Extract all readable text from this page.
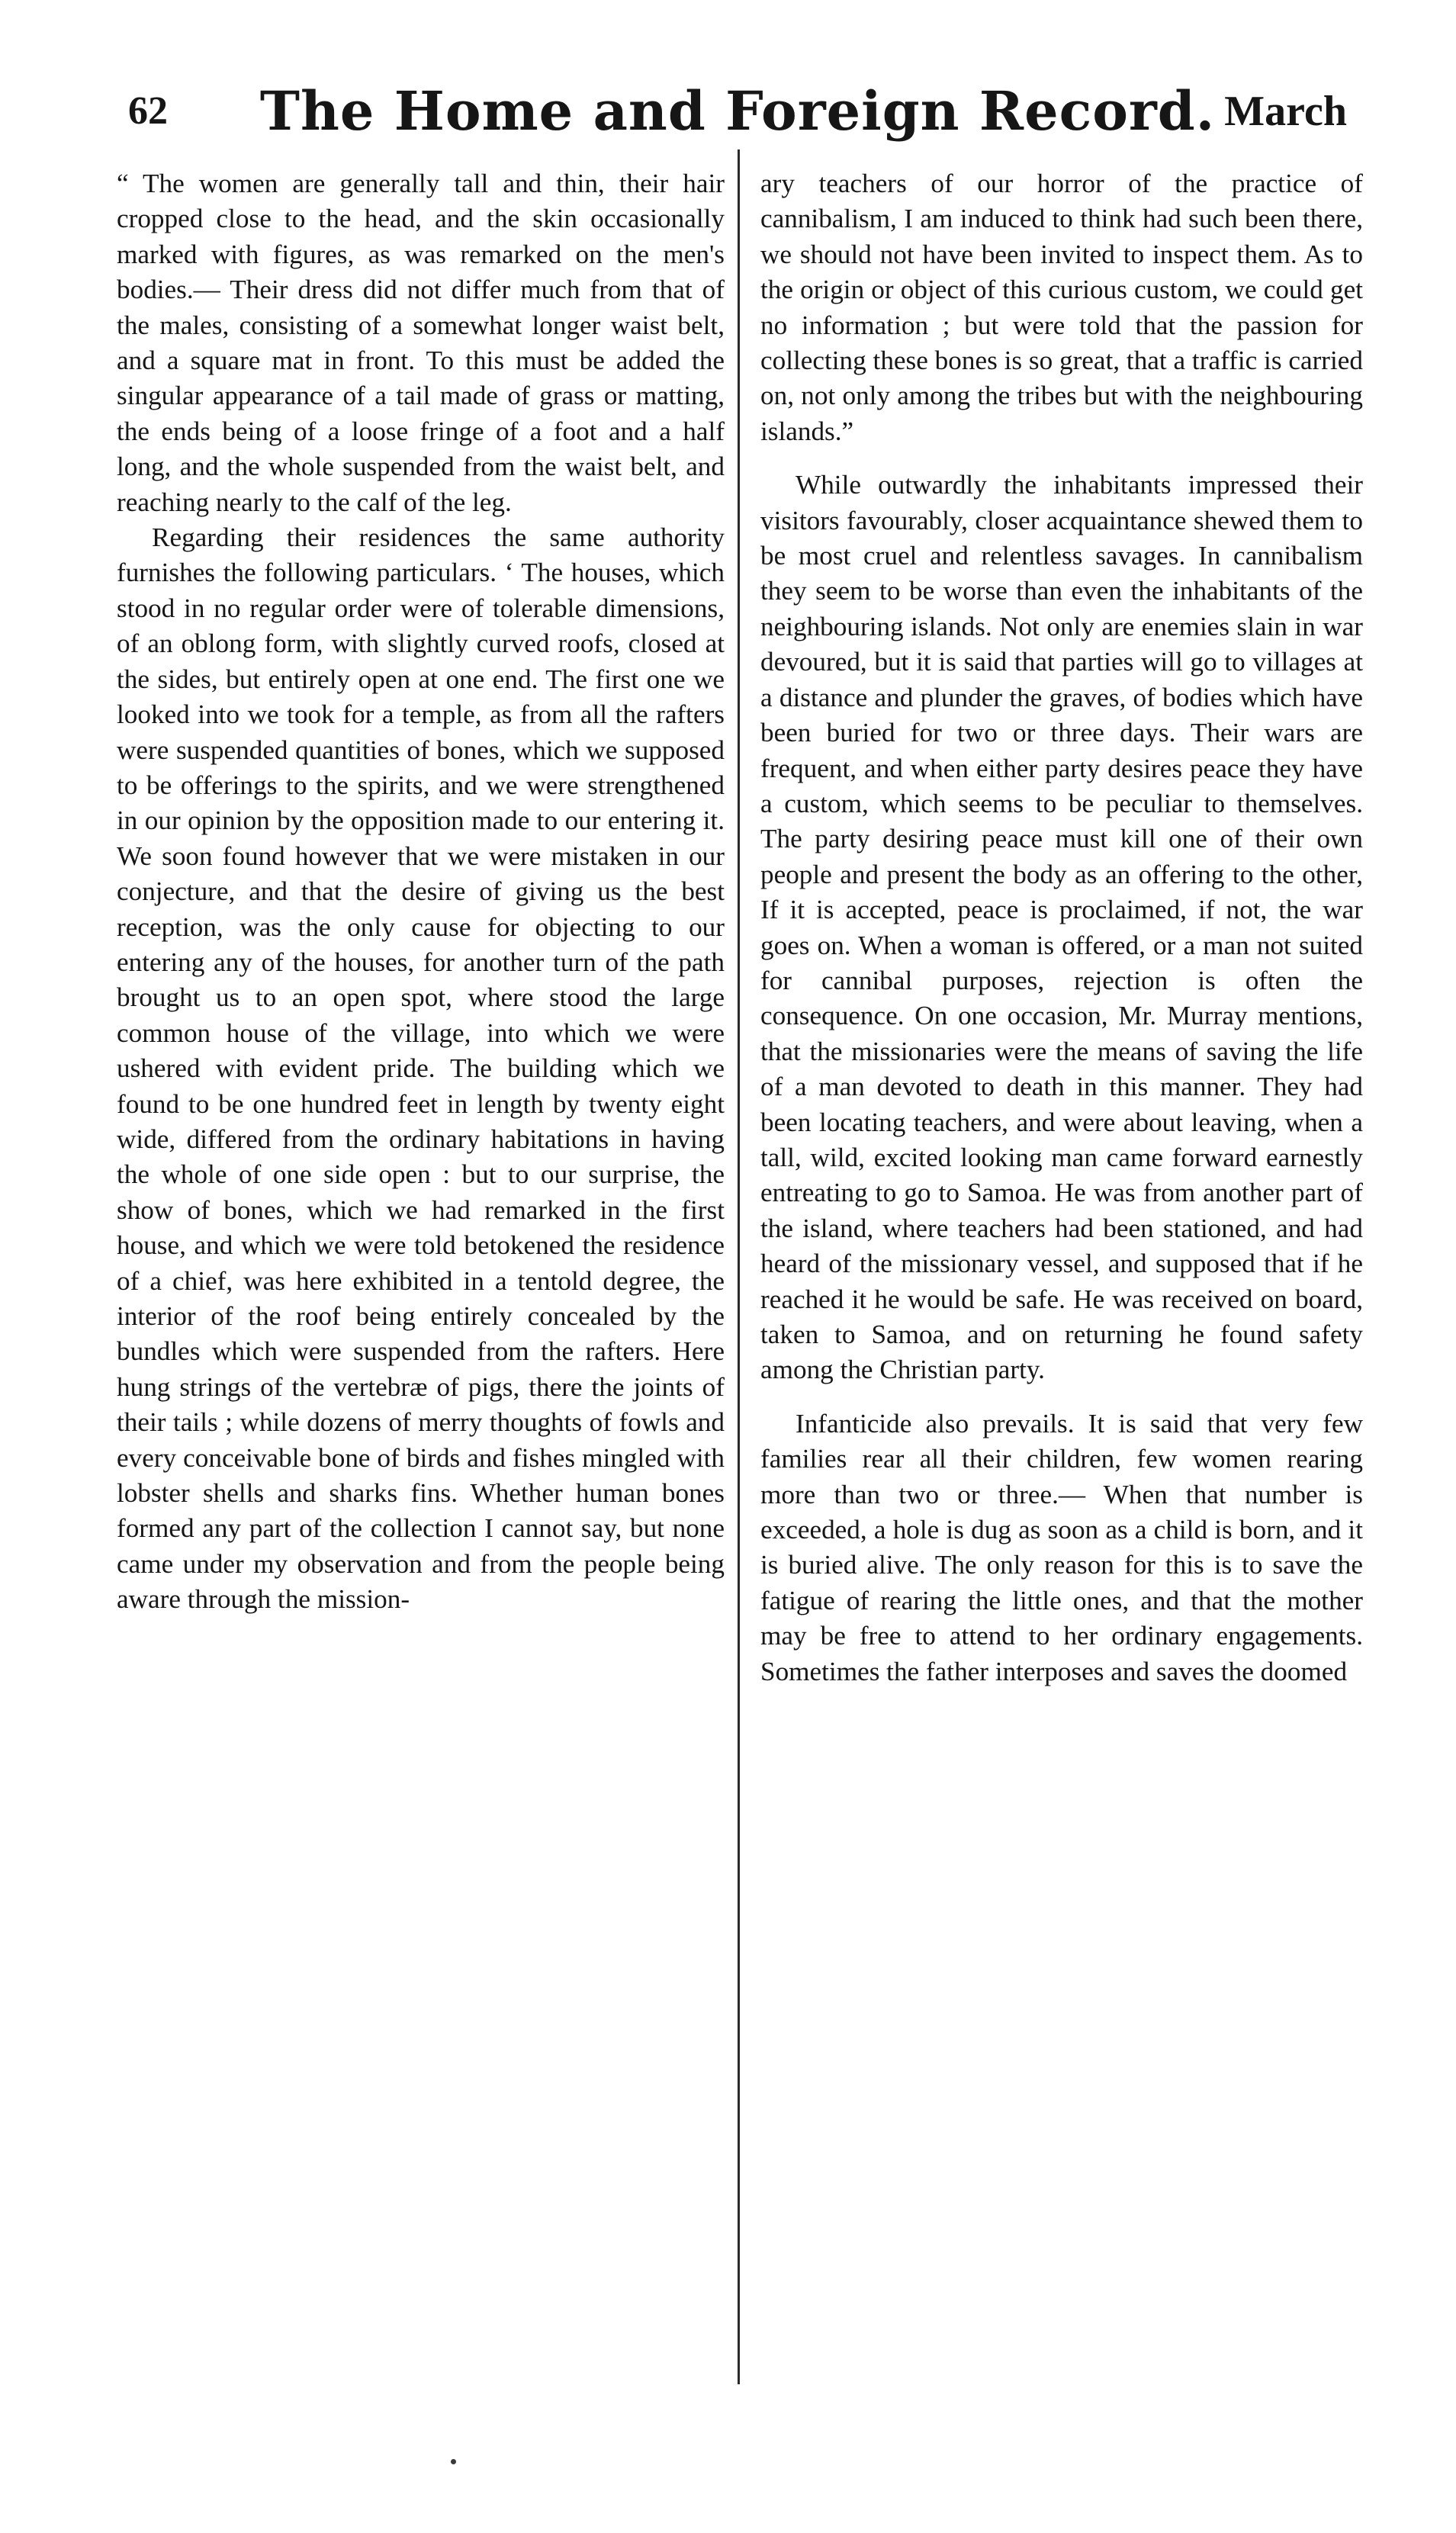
62	The Home and Foreign Record. March

“ The women are generally tall and thin, their hair cropped close to the head, and the skin occasionally marked with figures, as was remarked on the men's bodies.— Their dress did not differ much from that of the males, consisting of a somewhat longer waist belt, and a square mat in front. To this must be added the singular appearance of a tail made of grass or matting, the ends being of a loose fringe of a foot and a half long, and the whole suspended from the waist belt, and reaching nearly to the calf of the leg.

Regarding their residences the same authority furnishes the following particulars. ‘ The houses, which stood in no regular order were of tolerable dimensions, of an oblong form, with slightly curved roofs, closed at the sides, but entirely open at one end. The first one we looked into we took for a temple, as from all the rafters were suspended quantities of bones, which we supposed to be offerings to the spirits, and we were strengthened in our opinion by the opposition made to our entering it. We soon found however that we were mistaken in our conjecture, and that the desire of giving us the best reception, was the only cause for objecting to our entering any of the houses, for another turn of the path brought us to an open spot, where stood the large common house of the village, into which we were ushered with evident pride. The building which we found to be one hundred feet in length by twenty eight wide, differed from the ordinary habitations in having the whole of one side open : but to our surprise, the show of bones, which we had remarked in the first house, and which we were told betokened the residence of a chief, was here exhibited in a tentold degree, the interior of the roof being entirely concealed by the bundles which were suspended from the rafters. Here hung strings of the vertebræ of pigs, there the joints of their tails ; while dozens of merry thoughts of fowls and every conceivable bone of birds and fishes mingled with lobster shells and sharks fins. Whether human bones formed any part of the collection I cannot say, but none came under my observation and from the people being aware through the mission-

ary teachers of our horror of the practice of cannibalism, I am induced to think had such been there, we should not have been invited to inspect them. As to the origin or object of this curious custom, we could get no information ; but were told that the passion for collecting these bones is so great, that a traffic is carried on, not only among the tribes but with the neighbouring islands.”

While outwardly the inhabitants impressed their visitors favourably, closer acquaintance shewed them to be most cruel and relentless savages. In cannibalism they seem to be worse than even the inhabitants of the neighbouring islands. Not only are enemies slain in war devoured, but it is said that parties will go to villages at a distance and plunder the graves, of bodies which have been buried for two or three days. Their wars are frequent, and when either party desires peace they have a custom, which seems to be peculiar to themselves. The party desiring peace must kill one of their own people and present the body as an offering to the other, If it is accepted, peace is proclaimed, if not, the war goes on. When a woman is offered, or a man not suited for cannibal purposes, rejection is often the consequence. On one occasion, Mr. Murray mentions, that the missionaries were the means of saving the life of a man devoted to death in this manner. They had been locating teachers, and were about leaving, when a tall, wild, excited looking man came forward earnestly entreating to go to Samoa. He was from another part of the island, where teachers had been stationed, and had heard of the missionary vessel, and supposed that if he reached it he would be safe. He was received on board, taken to Samoa, and on returning he found safety among the Christian party.

Infanticide also prevails. It is said that very few families rear all their children, few women rearing more than two or three.— When that number is exceeded, a hole is dug as soon as a child is born, and it is buried alive. The only reason for this is to save the fatigue of rearing the little ones, and that the mother may be free to attend to her ordinary engagements. Sometimes the father interposes and saves the doomed
